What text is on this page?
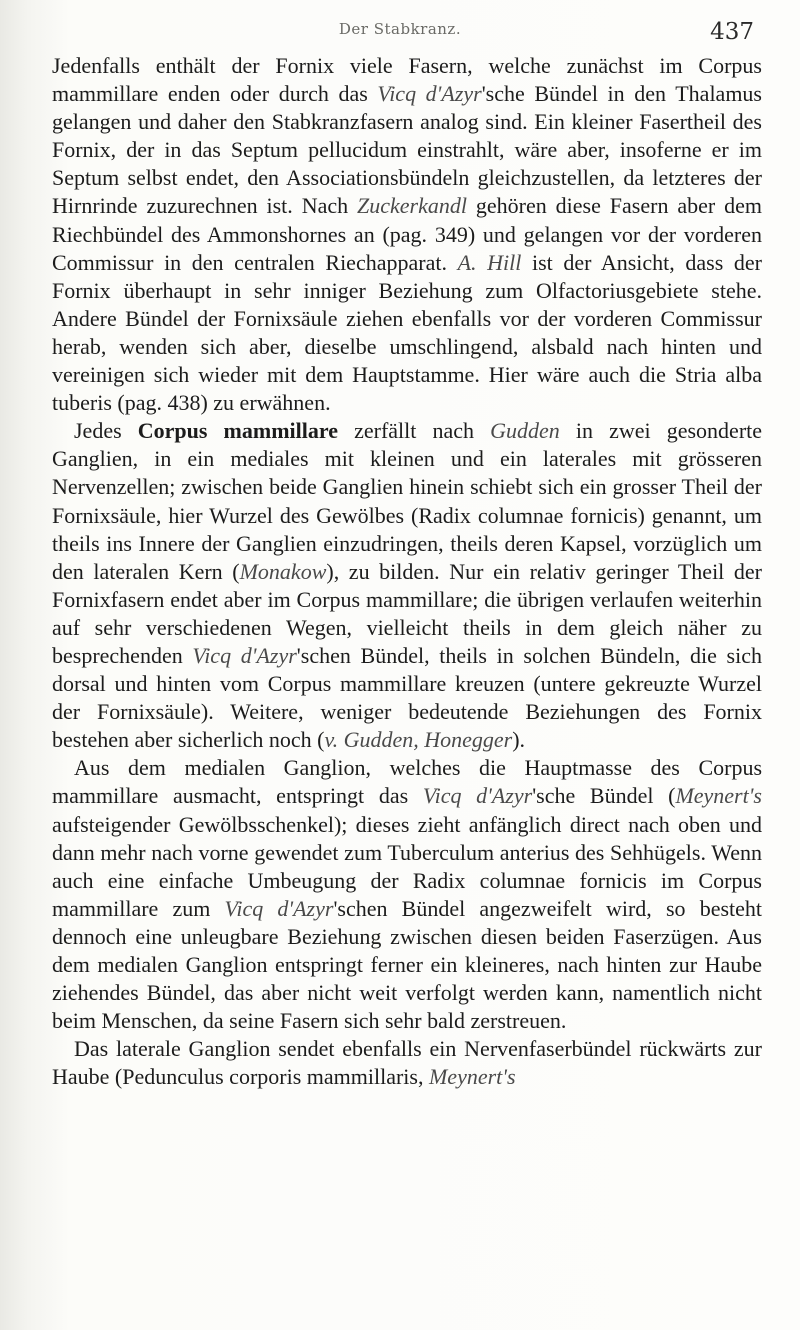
Der Stabkranz.	437

Jedenfalls enthält der Fornix viele Fasern, welche zunächst im Corpus mammillare enden oder durch das Vicq d'Azyr'sche Bündel in den Thalamus gelangen und daher den Stabkranzfasern analog sind. Ein kleiner Fasertheil des Fornix, der in das Septum pellucidum einstrahlt, wäre aber, insoferne er im Septum selbst endet, den Associationsbündeln gleichzustellen, da letzteres der Hirnrinde zuzurechnen ist. Nach Zuckerkandl gehören diese Fasern aber dem Riechbündel des Ammonshornes an (pag. 349) und gelangen vor der vorderen Commissur in den centralen Riechapparat. A. Hill ist der Ansicht, dass der Fornix überhaupt in sehr inniger Beziehung zum Olfactoriusgebiete stehe. Andere Bündel der Fornixsäule ziehen ebenfalls vor der vorderen Commissur herab, wenden sich aber, dieselbe umschlingend, alsbald nach hinten und vereinigen sich wieder mit dem Hauptstamme. Hier wäre auch die Stria alba tuberis (pag. 438) zu erwähnen.

Jedes Corpus mammillare zerfällt nach Gudden in zwei gesonderte Ganglien, in ein mediales mit kleinen und ein laterales mit grösseren Nervenzellen; zwischen beide Ganglien hinein schiebt sich ein grosser Theil der Fornixsäule, hier Wurzel des Gewölbes (Radix columnae fornicis) genannt, um theils ins Innere der Ganglien einzudringen, theils deren Kapsel, vorzüglich um den lateralen Kern (Monakow), zu bilden. Nur ein relativ geringer Theil der Fornixfasern endet aber im Corpus mammillare; die übrigen verlaufen weiterhin auf sehr verschiedenen Wegen, vielleicht theils in dem gleich näher zu besprechenden Vicq d'Azyr'schen Bündel, theils in solchen Bündeln, die sich dorsal und hinten vom Corpus mammillare kreuzen (untere gekreuzte Wurzel der Fornixsäule). Weitere, weniger bedeutende Beziehungen des Fornix bestehen aber sicherlich noch (v. Gudden, Honegger).

Aus dem medialen Ganglion, welches die Hauptmasse des Corpus mammillare ausmacht, entspringt das Vicq d'Azyr'sche Bündel (Meynert's aufsteigender Gewölbsschenkel); dieses zieht anfänglich direct nach oben und dann mehr nach vorne gewendet zum Tuberculum anterius des Sehhügels. Wenn auch eine einfache Umbeugung der Radix columnae fornicis im Corpus mammillare zum Vicq d'Azyr'schen Bündel angezweifelt wird, so besteht dennoch eine unleugbare Beziehung zwischen diesen beiden Faserzügen. Aus dem medialen Ganglion entspringt ferner ein kleineres, nach hinten zur Haube ziehendes Bündel, das aber nicht weit verfolgt werden kann, namentlich nicht beim Menschen, da seine Fasern sich sehr bald zerstreuen.

Das laterale Ganglion sendet ebenfalls ein Nervenfaserbündel rückwärts zur Haube (Pedunculus corporis mammillaris, Meynert's
